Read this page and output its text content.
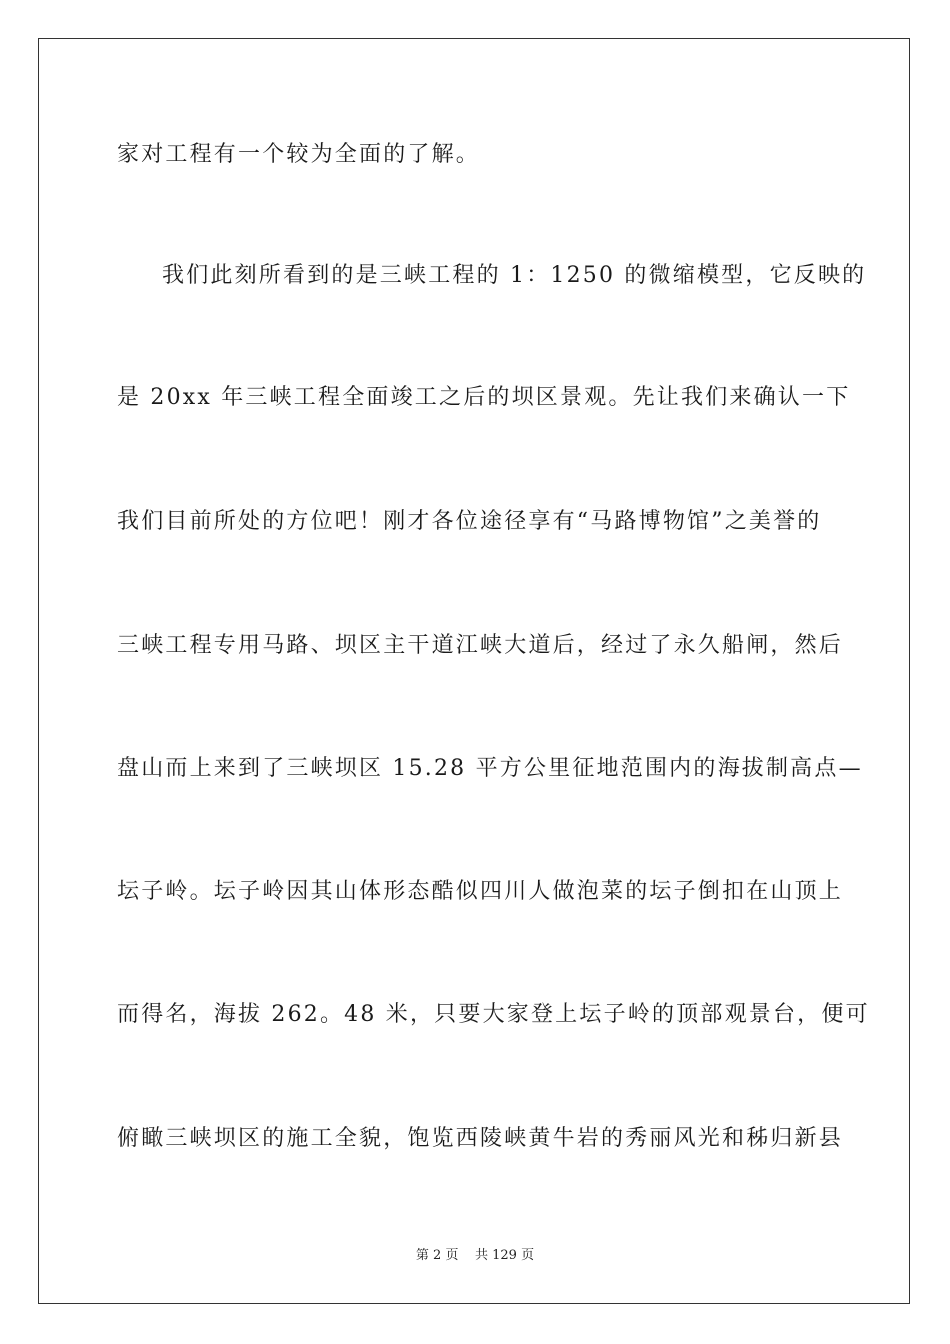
家对工程有一个较为全面的了解。
我们此刻所看到的是三峡工程的 1：1250 的微缩模型，它反映的
是 20xx 年三峡工程全面竣工之后的坝区景观。先让我们来确认一下
我们目前所处的方位吧！刚才各位途径享有“马路博物馆”之美誉的
三峡工程专用马路、坝区主干道江峡大道后，经过了永久船闸，然后
盘山而上来到了三峡坝区 15.28 平方公里征地范围内的海拔制高点—
坛子岭。坛子岭因其山体形态酷似四川人做泡菜的坛子倒扣在山顶上
而得名，海拔 262。48 米，只要大家登上坛子岭的顶部观景台，便可
俯瞰三峡坝区的施工全貌，饱览西陵峡黄牛岩的秀丽风光和秭归新县
第 2 页 共 129 页
